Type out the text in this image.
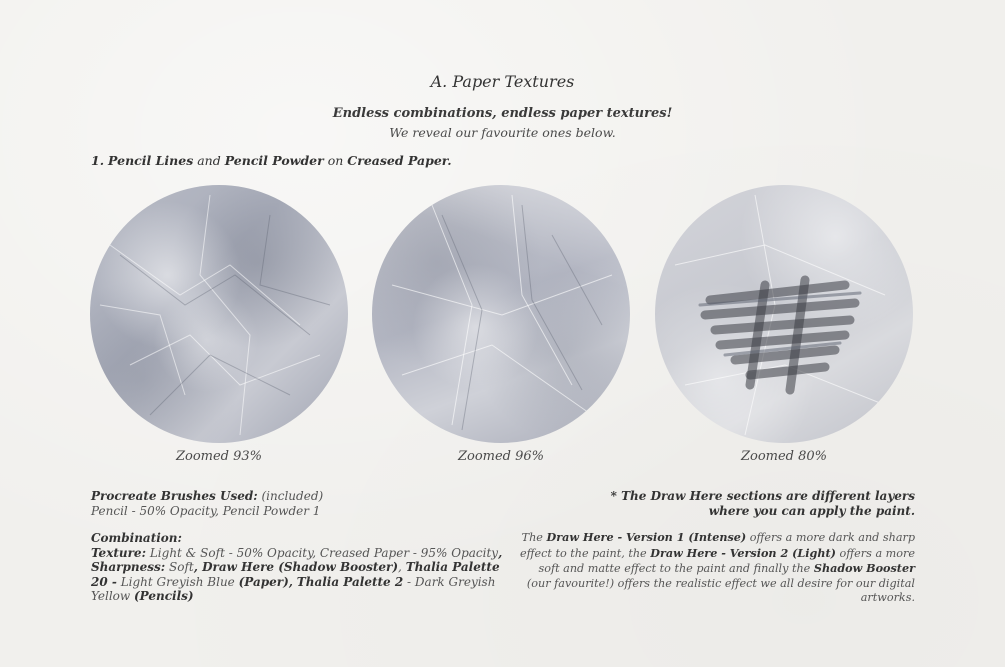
A. Paper Textures
Endless combinations, endless paper textures!
We reveal our favourite ones below.
1. Pencil Lines and Pencil Powder on Creased Paper.
Zoomed 93%	Zoomed 96%	Zoomed 80%
Procreate Brushes Used: (included)
Pencil - 50% Opacity, Pencil Powder 1
Combination:
Texture: Light & Soft - 50% Opacity, Creased Paper - 95% Opacity,
Sharpness: Soft, Draw Here (Shadow Booster), Thalia Palette 20 - Light Greyish Blue (Paper), Thalia Palette 2 - Dark Greyish Yellow (Pencils)
* The Draw Here sections are different layers
where you can apply the paint.
The Draw Here - Version 1 (Intense) offers a more dark and sharp effect to the paint, the Draw Here - Version 2 (Light) offers a more soft and matte effect to the paint and finally the Shadow Booster (our favourite!) offers the realistic effect we all desire for our digital artworks.
